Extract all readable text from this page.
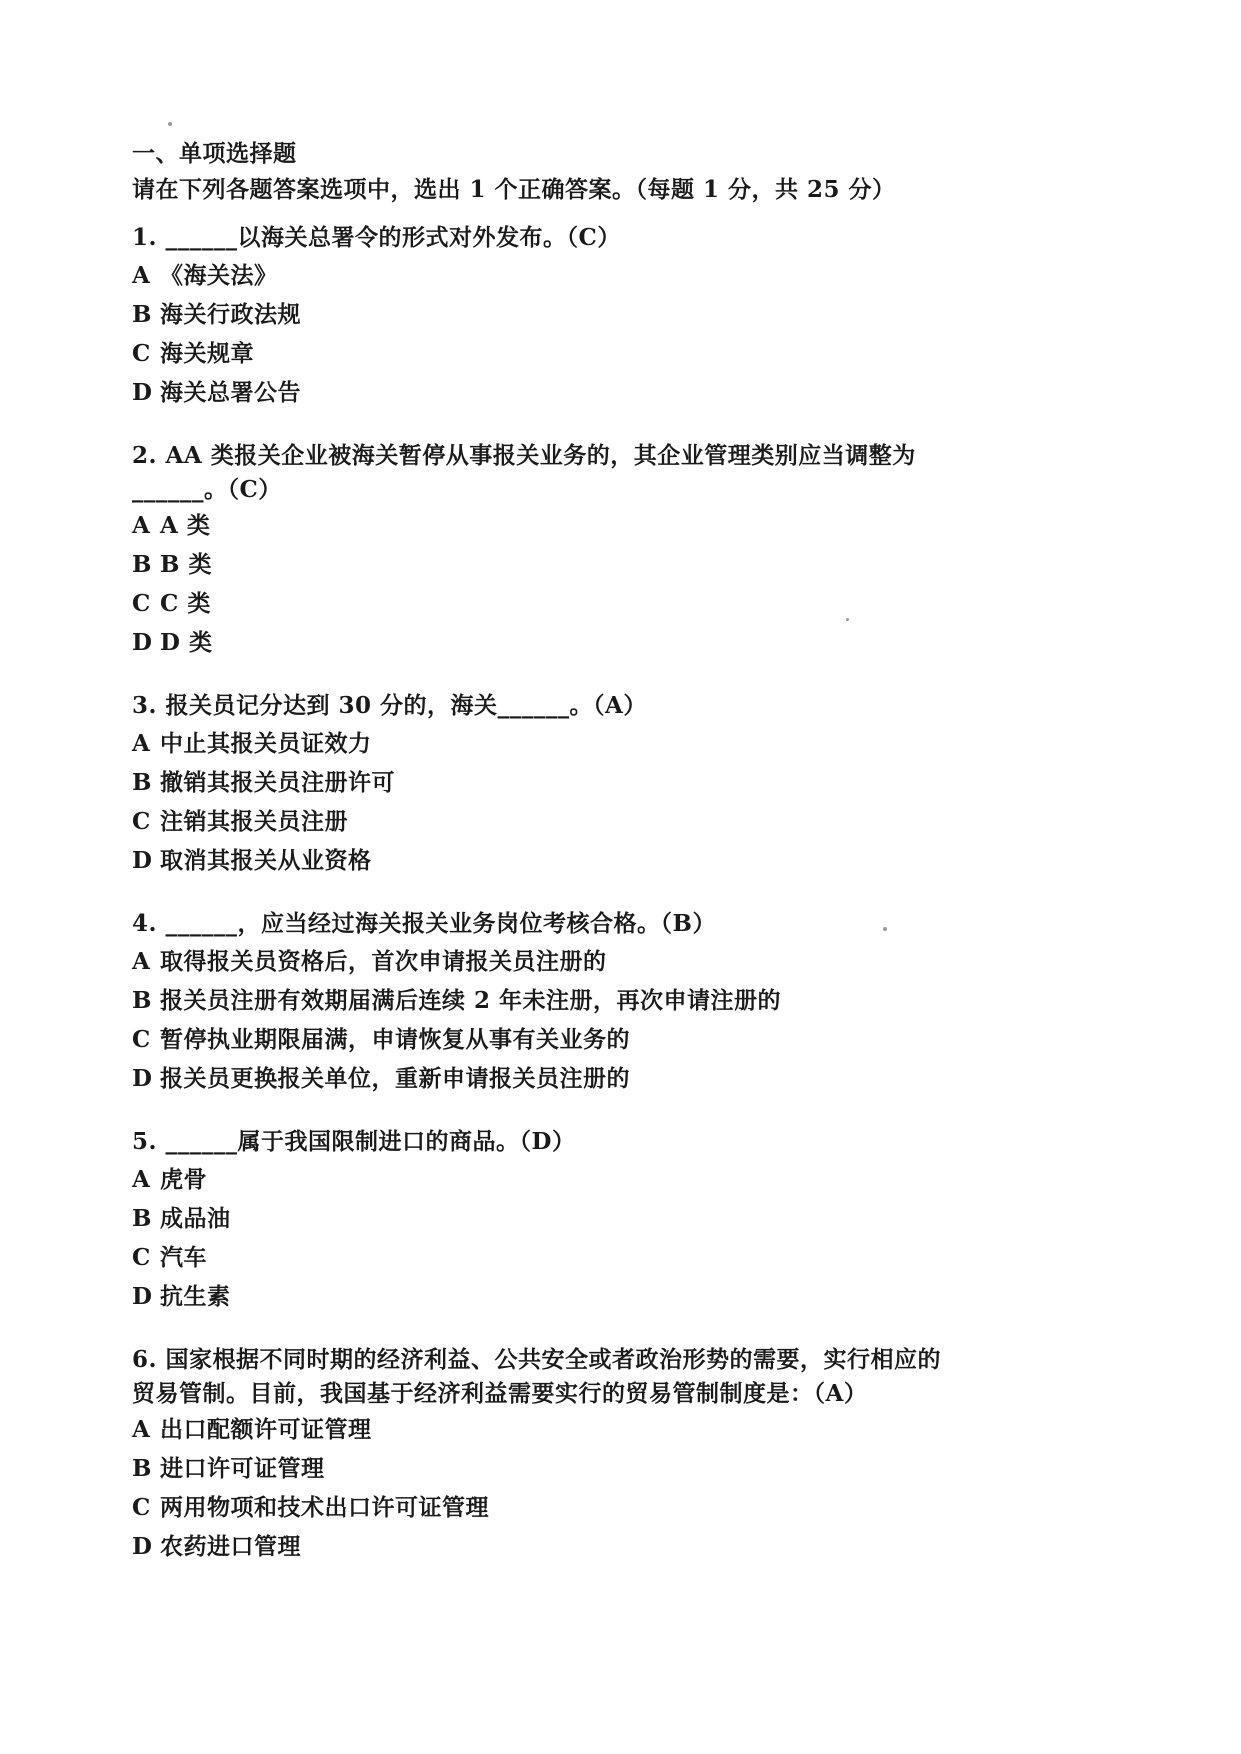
一、单项选择题
请在下列各题答案选项中，选出 1 个正确答案。（每题 1 分，共 25 分）
1. ______以海关总署令的形式对外发布。（C）
A 《海关法》
B 海关行政法规
C 海关规章
D 海关总署公告
2. AA 类报关企业被海关暂停从事报关业务的，其企业管理类别应当调整为
______。（C）
A A 类
B B 类
C C 类
D D 类
3. 报关员记分达到 30 分的，海关______。（A）
A 中止其报关员证效力
B 撤销其报关员注册许可
C 注销其报关员注册
D 取消其报关从业资格
4. ______，应当经过海关报关业务岗位考核合格。（B）
A 取得报关员资格后，首次申请报关员注册的
B 报关员注册有效期届满后连续 2 年未注册，再次申请注册的
C 暂停执业期限届满，申请恢复从事有关业务的
D 报关员更换报关单位，重新申请报关员注册的
5. ______属于我国限制进口的商品。（D）
A 虎骨
B 成品油
C 汽车
D 抗生素
6. 国家根据不同时期的经济利益、公共安全或者政治形势的需要，实行相应的
贸易管制。目前，我国基于经济利益需要实行的贸易管制制度是：（A）
A 出口配额许可证管理
B 进口许可证管理
C 两用物项和技术出口许可证管理
D 农药进口管理
